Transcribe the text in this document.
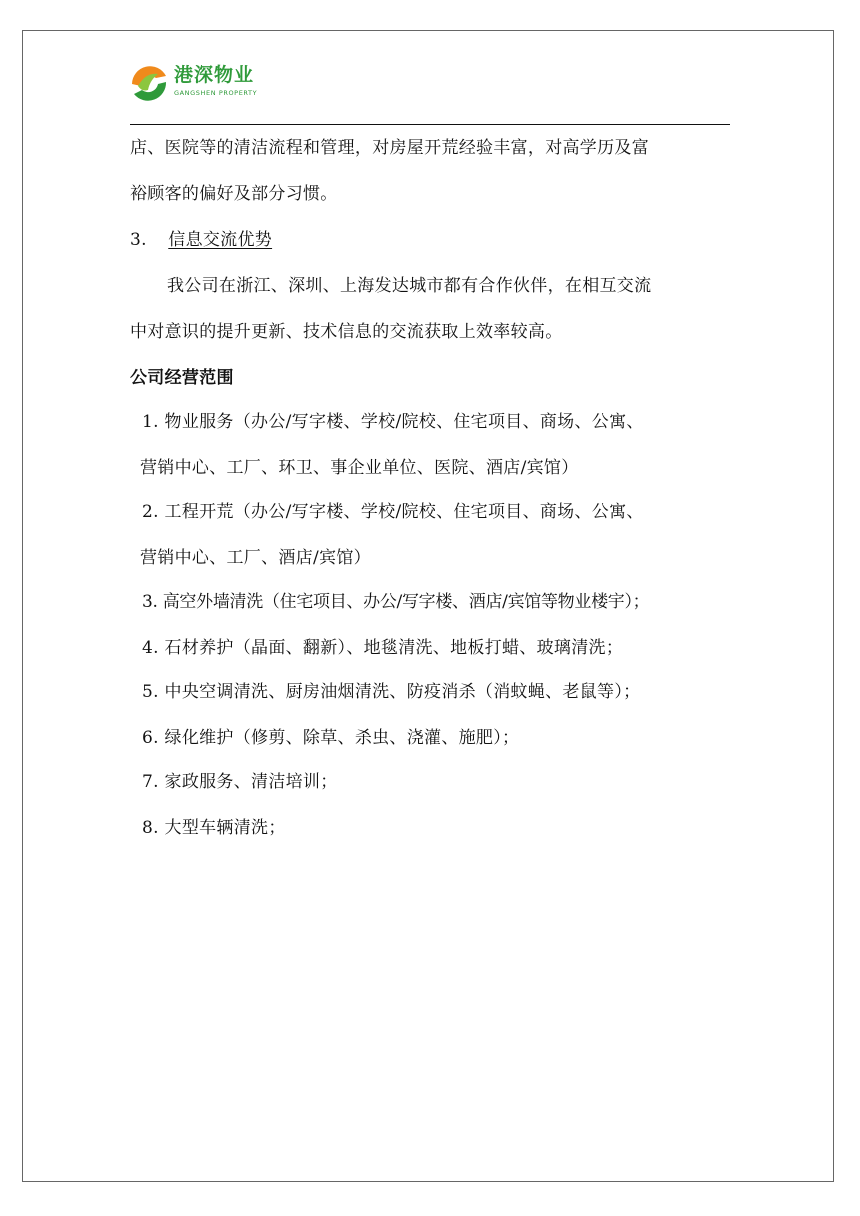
港深物业
GANGSHEN PROPERTY
店、医院等的清洁流程和管理，对房屋开荒经验丰富，对高学历及富
裕顾客的偏好及部分习惯。
3. 信息交流优势
我公司在浙江、深圳、上海发达城市都有合作伙伴，在相互交流
中对意识的提升更新、技术信息的交流获取上效率较高。
公司经营范围
1. 物业服务（办公/写字楼、学校/院校、住宅项目、商场、公寓、
营销中心、工厂、环卫、事企业单位、医院、酒店/宾馆）
2. 工程开荒（办公/写字楼、学校/院校、住宅项目、商场、公寓、
营销中心、工厂、酒店/宾馆）
3. 高空外墙清洗（住宅项目、办公/写字楼、酒店/宾馆等物业楼宇）；
4. 石材养护（晶面、翻新）、地毯清洗、地板打蜡、玻璃清洗；
5. 中央空调清洗、厨房油烟清洗、防疫消杀（消蚊蝇、老鼠等）；
6. 绿化维护（修剪、除草、杀虫、浇灌、施肥）；
7. 家政服务、清洁培训；
8. 大型车辆清洗；
